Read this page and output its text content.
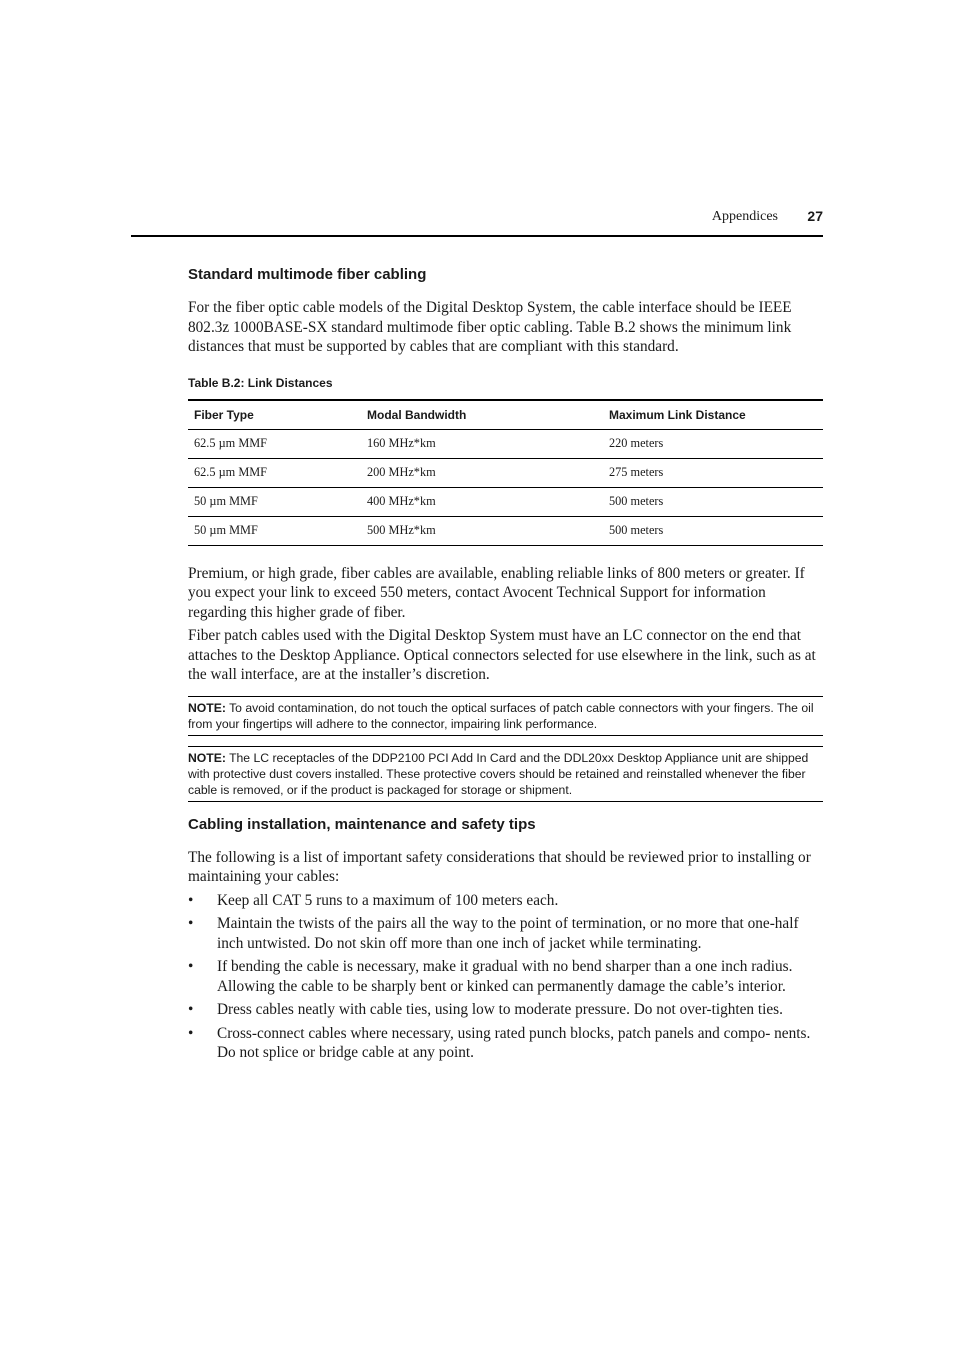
Appendices 27
Standard multimode fiber cabling

For the fiber optic cable models of the Digital Desktop System, the cable interface should be IEEE 802.3z 1000BASE-SX standard multimode fiber optic cabling. Table B.2 shows the minimum link distances that must be supported by cables that are compliant with this standard.

Table B.2: Link Distances
Fiber Type	Modal Bandwidth	Maximum Link Distance
62.5 µm MMF	160 MHz*km	220 meters
62.5 µm MMF	200 MHz*km	275 meters
50 µm MMF	400 MHz*km	500 meters
50 µm MMF	500 MHz*km	500 meters

Premium, or high grade, fiber cables are available, enabling reliable links of 800 meters or greater. If you expect your link to exceed 550 meters, contact Avocent Technical Support for information regarding this higher grade of fiber.

Fiber patch cables used with the Digital Desktop System must have an LC connector on the end that attaches to the Desktop Appliance. Optical connectors selected for use elsewhere in the link, such as at the wall interface, are at the installer’s discretion.

NOTE: To avoid contamination, do not touch the optical surfaces of patch cable connectors with your fingers. The oil from your fingertips will adhere to the connector, impairing link performance.
NOTE: The LC receptacles of the DDP2100 PCI Add In Card and the DDL20xx Desktop Appliance unit are shipped with protective dust covers installed. These protective covers should be retained and reinstalled whenever the fiber cable is removed, or if the product is packaged for storage or shipment.
Cabling installation, maintenance and safety tips

The following is a list of important safety considerations that should be reviewed prior to installing or maintaining your cables:

• Keep all CAT 5 runs to a maximum of 100 meters each.
• Maintain the twists of the pairs all the way to the point of termination, or no more that one-half inch untwisted. Do not skin off more than one inch of jacket while terminating.
• If bending the cable is necessary, make it gradual with no bend sharper than a one inch radius. Allowing the cable to be sharply bent or kinked can permanently damage the cable’s interior.
• Dress cables neatly with cable ties, using low to moderate pressure. Do not over-tighten ties.
• Cross-connect cables where necessary, using rated punch blocks, patch panels and compo- nents. Do not splice or bridge cable at any point.
